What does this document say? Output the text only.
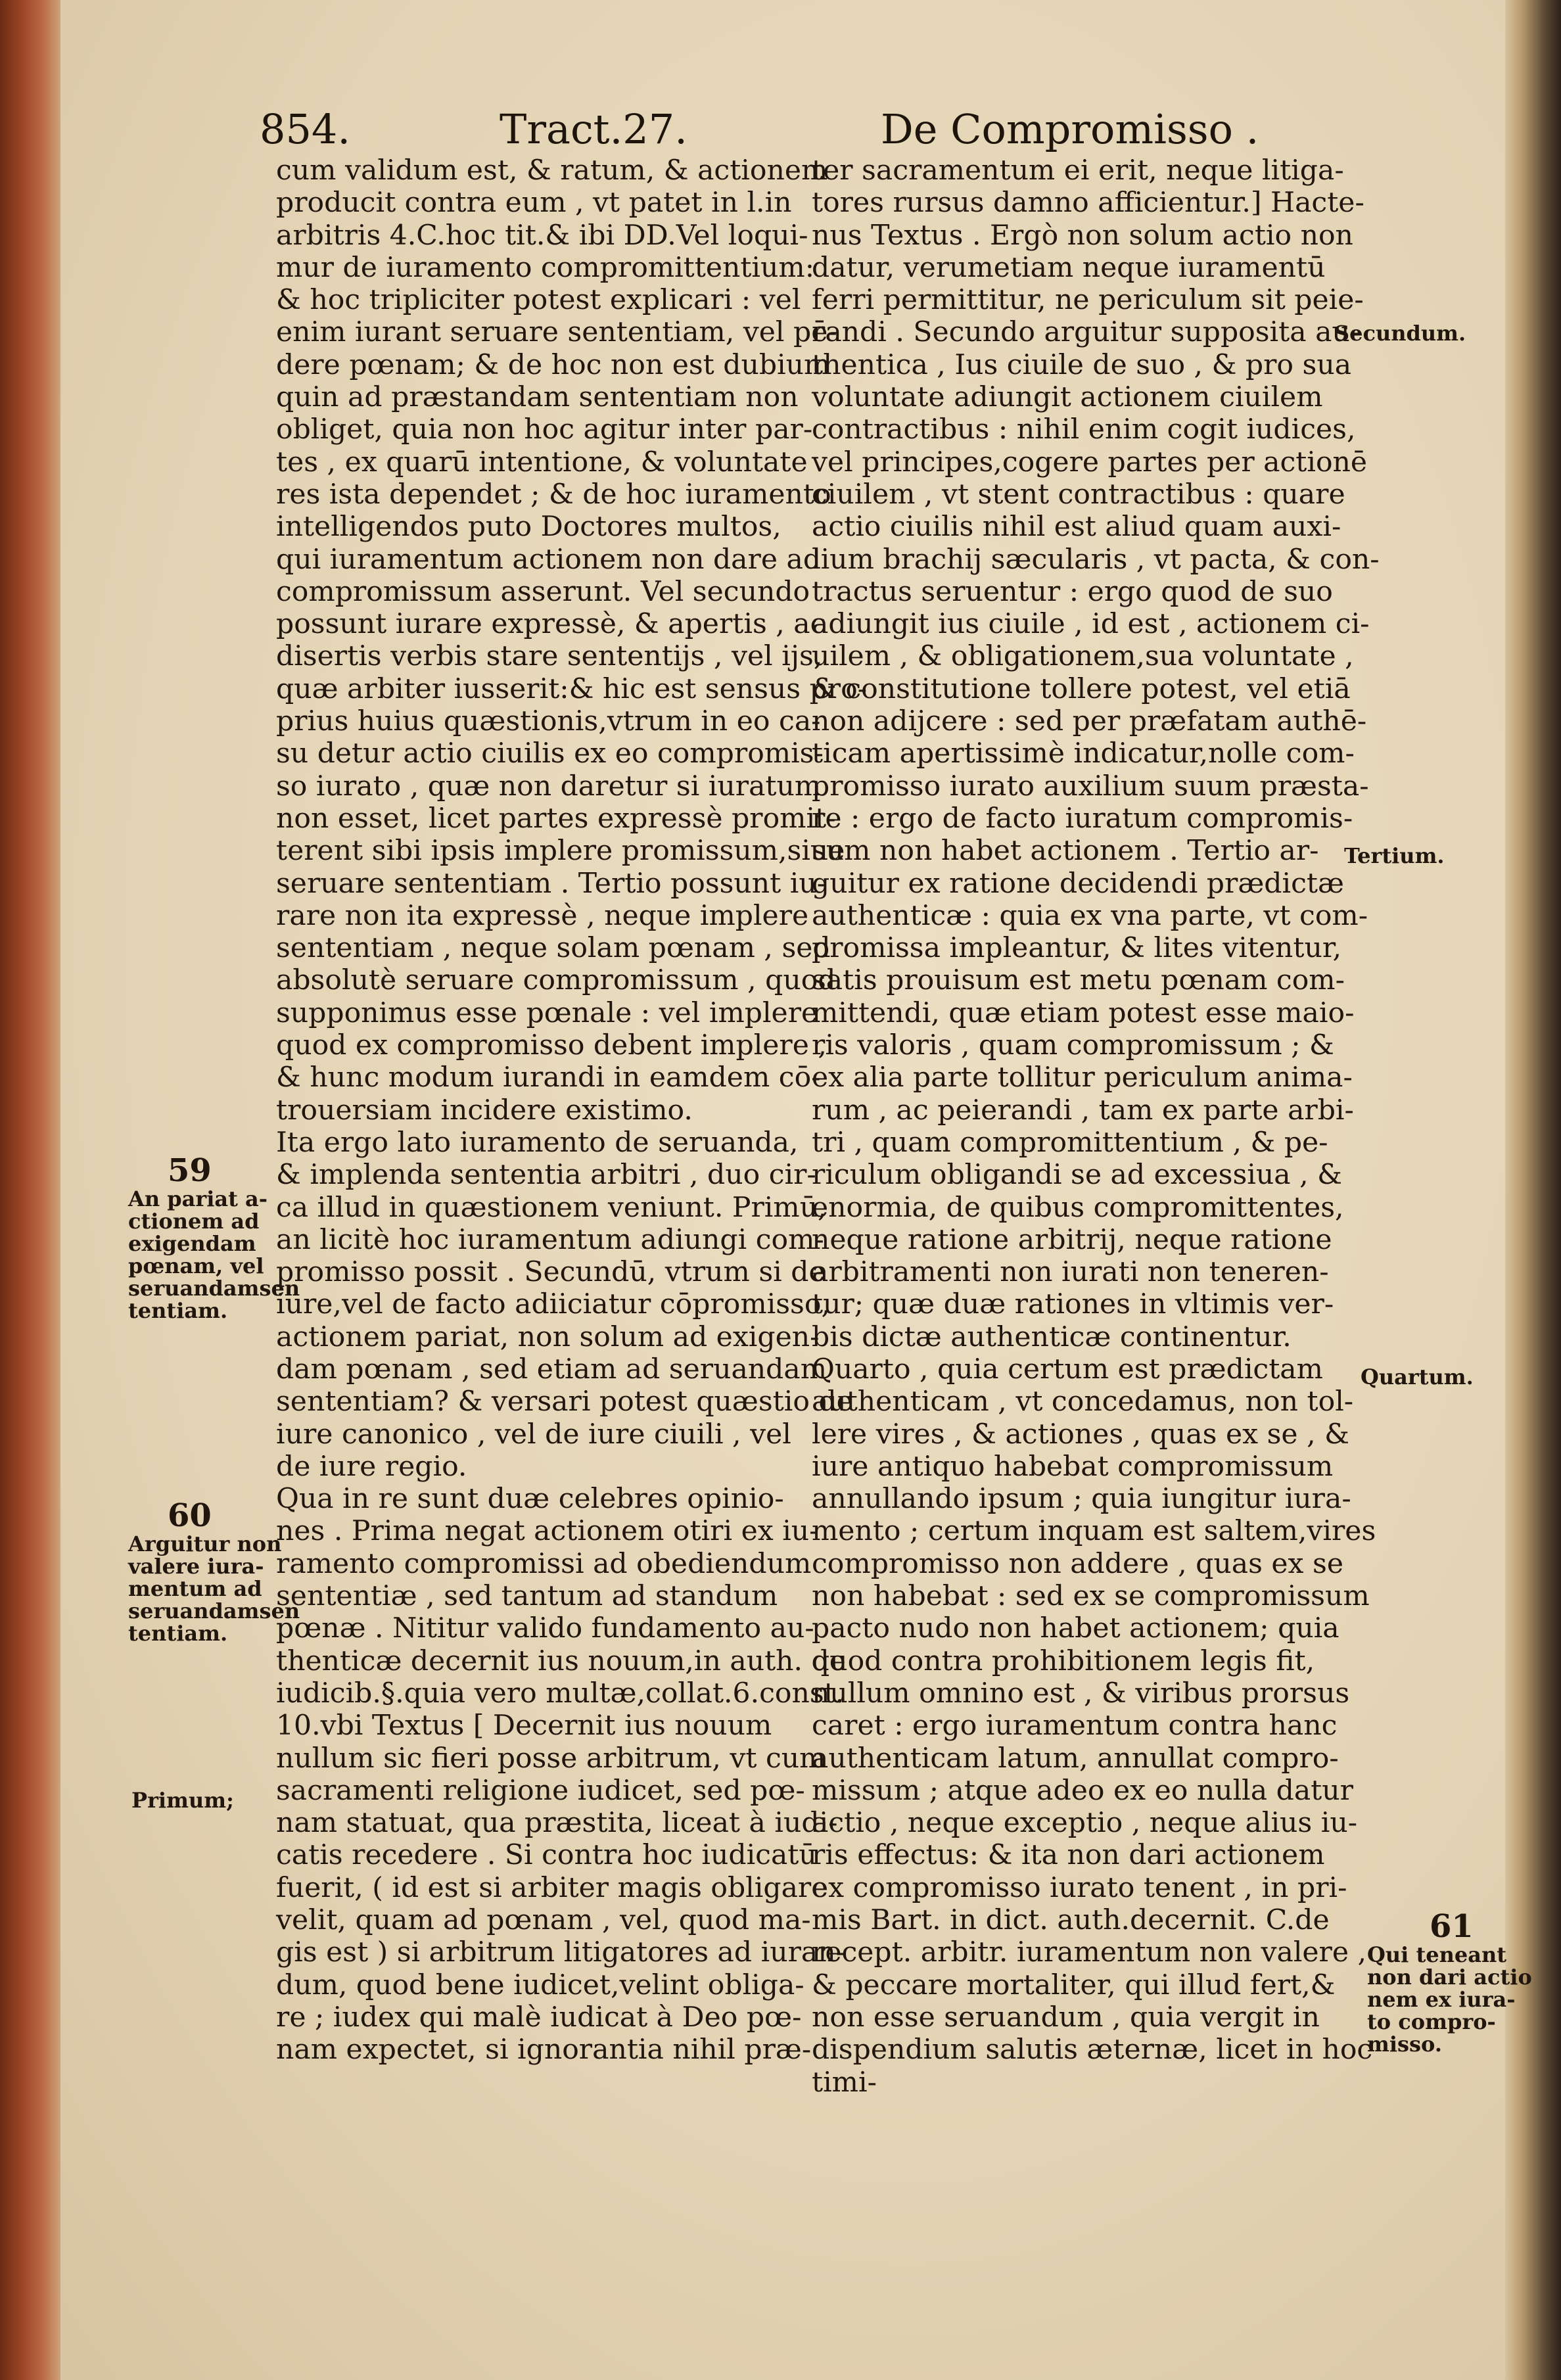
854.	Tract.27.	De Compromisso .
cum validum est, & ratum, & actionem
producit contra eum , vt patet in l.in
arbitris 4.C.hoc tit.& ibi DD.Vel loqui-
mur de iuramento compromittentium:
& hoc tripliciter potest explicari : vel
enim iurant seruare sententiam, vel pē-
dere pœnam; & de hoc non est dubium
quin ad præstandam sententiam non
obliget, quia non hoc agitur inter par-
tes , ex quarū intentione, & voluntate
res ista dependet ; & de hoc iuramento
intelligendos puto Doctores multos,
qui iuramentum actionem non dare ad
compromissum asserunt. Vel secundo
possunt iurare expressè, & apertis , ac
disertis verbis stare sententijs , vel ijs,
quæ arbiter iusserit:& hic est sensus pro-
prius huius quæstionis,vtrum in eo ca-
su detur actio ciuilis ex eo compromis-
so iurato , quæ non daretur si iuratum
non esset, licet partes expressè promit-
terent sibi ipsis implere promissum,siue
seruare sententiam . Tertio possunt iu-
rare non ita expressè , neque implere
sententiam , neque solam pœnam , sed
absolutè seruare compromissum , quod
supponimus esse pœnale : vel implere
quod ex compromisso debent implere ,
& hunc modum iurandi in eamdem cō-
trouersiam incidere existimo.
Ita ergo lato iuramento de seruanda,
& implenda sententia arbitri , duo cir-
ca illud in quæstionem veniunt. Primū,
an licitè hoc iuramentum adiungi com-
promisso possit . Secundū, vtrum si de
iure,vel de facto adiiciatur cōpromisso,
actionem pariat, non solum ad exigen-
dam pœnam , sed etiam ad seruandam
sententiam? & versari potest quæstio de
iure canonico , vel de iure ciuili , vel
de iure regio.
Qua in re sunt duæ celebres opinio-
nes . Prima negat actionem otiri ex iu-
ramento compromissi ad obediendum
sententiæ , sed tantum ad standum
pœnæ . Nititur valido fundamento au-
thenticæ decernit ius nouum,in auth. de
iudicib.§.quia vero multæ,collat.6.const.
10.vbi Textus [ Decernit ius nouum
nullum sic fieri posse arbitrum, vt cum
sacramenti religione iudicet, sed pœ-
nam statuat, qua præstita, liceat à iudi-
catis recedere . Si contra hoc iudicatū
fuerit, ( id est si arbiter magis obligare
velit, quam ad pœnam , vel, quod ma-
gis est ) si arbitrum litigatores ad iuran-
dum, quod bene iudicet,velint obliga-
re ; iudex qui malè iudicat à Deo pœ-
nam expectet, si ignorantia nihil præ-
ter sacramentum ei erit, neque litiga-
tores rursus damno afficientur.] Hacte-
nus Textus . Ergò non solum actio non
datur, verumetiam neque iuramentū
ferri permittitur, ne periculum sit peie-
randi . Secundo arguitur supposita au-
thentica , Ius ciuile de suo , & pro sua
voluntate adiungit actionem ciuilem
contractibus : nihil enim cogit iudices,
vel principes,cogere partes per actionē
ciuilem , vt stent contractibus : quare
actio ciuilis nihil est aliud quam auxi-
lium brachij sæcularis , vt pacta, & con-
tractus seruentur : ergo quod de suo
adiungit ius ciuile , id est , actionem ci-
uilem , & obligationem,sua voluntate ,
& constitutione tollere potest, vel etiā
non adijcere : sed per præfatam authē-
ticam apertissimè indicatur,nolle com-
promisso iurato auxilium suum præsta-
re : ergo de facto iuratum compromis-
sum non habet actionem . Tertio ar-
guitur ex ratione decidendi prædictæ
authenticæ : quia ex vna parte, vt com-
promissa impleantur, & lites vitentur,
satis prouisum est metu pœnam com-
mittendi, quæ etiam potest esse maio-
ris valoris , quam compromissum ; &
ex alia parte tollitur periculum anima-
rum , ac peierandi , tam ex parte arbi-
tri , quam compromittentium , & pe-
riculum obligandi se ad excessiua , &
enormia, de quibus compromittentes,
neque ratione arbitrij, neque ratione
arbitramenti non iurati non teneren-
tur; quæ duæ rationes in vltimis ver-
bis dictæ authenticæ continentur.
Quarto , quia certum est prædictam
authenticam , vt concedamus, non tol-
lere vires , & actiones , quas ex se , &
iure antiquo habebat compromissum
annullando ipsum ; quia iungitur iura-
mento ; certum inquam est saltem,vires
compromisso non addere , quas ex se
non habebat : sed ex se compromissum
pacto nudo non habet actionem; quia
quod contra prohibitionem legis fit,
nullum omnino est , & viribus prorsus
caret : ergo iuramentum contra hanc
authenticam latum, annullat compro-
missum ; atque adeo ex eo nulla datur
actio , neque exceptio , neque alius iu-
ris effectus: & ita non dari actionem
ex compromisso iurato tenent , in pri-
mis Bart. in dict. auth.decernit. C.de
recept. arbitr. iuramentum non valere ,
& peccare mortaliter, qui illud fert,&
non esse seruandum , quia vergit in
dispendium salutis æternæ, licet in hoc
timi-
59
An pariat a-
ctionem ad
exigendam
pœnam, vel
seruandamsen
tentiam.
60
Arguitur non
valere iura-
mentum ad
seruandamsen
tentiam.
Primum;
Secundum.
Tertium.
Quartum.
61
Qui teneant
non dari actio
nem ex iura-
to compro-
misso.
